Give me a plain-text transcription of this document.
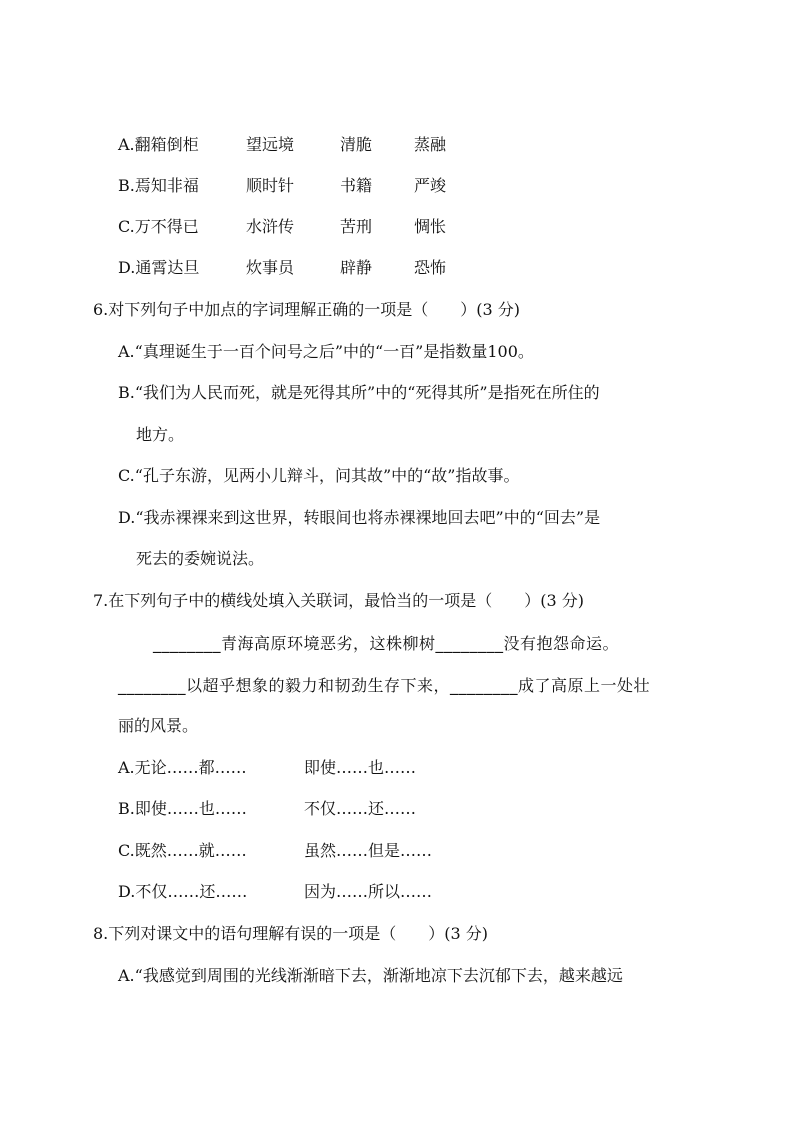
A.翻箱倒柜	望远境	清脆	蒸融
B.焉知非福	顺时针	书籍	严竣
C.万不得已	水浒传	苦刑	惆怅
D.通霄达旦	炊事员	辟静	恐怖
6.对下列句子中加点的字词理解正确的一项是（　　）(3 分)
A.“真理诞生于一百个问号之后”中的“一百”是指数量100。
B.“我们为人民而死，就是死得其所”中的“死得其所”是指死在所住的
地方。
C.“孔子东游，见两小儿辩斗，问其故”中的“故”指故事。
D.“我赤裸裸来到这世界，转眼间也将赤裸裸地回去吧”中的“回去”是
死去的委婉说法。
7.在下列句子中的横线处填入关联词，最恰当的一项是（　　）(3 分)
________青海高原环境恶劣，这株柳树________没有抱怨命运。
________以超乎想象的毅力和韧劲生存下来，________成了高原上一处壮
丽的风景。
A.无论……都……	即使……也……
B.即使……也……	不仅……还……
C.既然……就……	虽然……但是……
D.不仅……还……	因为……所以……
8.下列对课文中的语句理解有误的一项是（　　）(3 分)
A.“我感觉到周围的光线渐渐暗下去，渐渐地凉下去沉郁下去，越来越远
